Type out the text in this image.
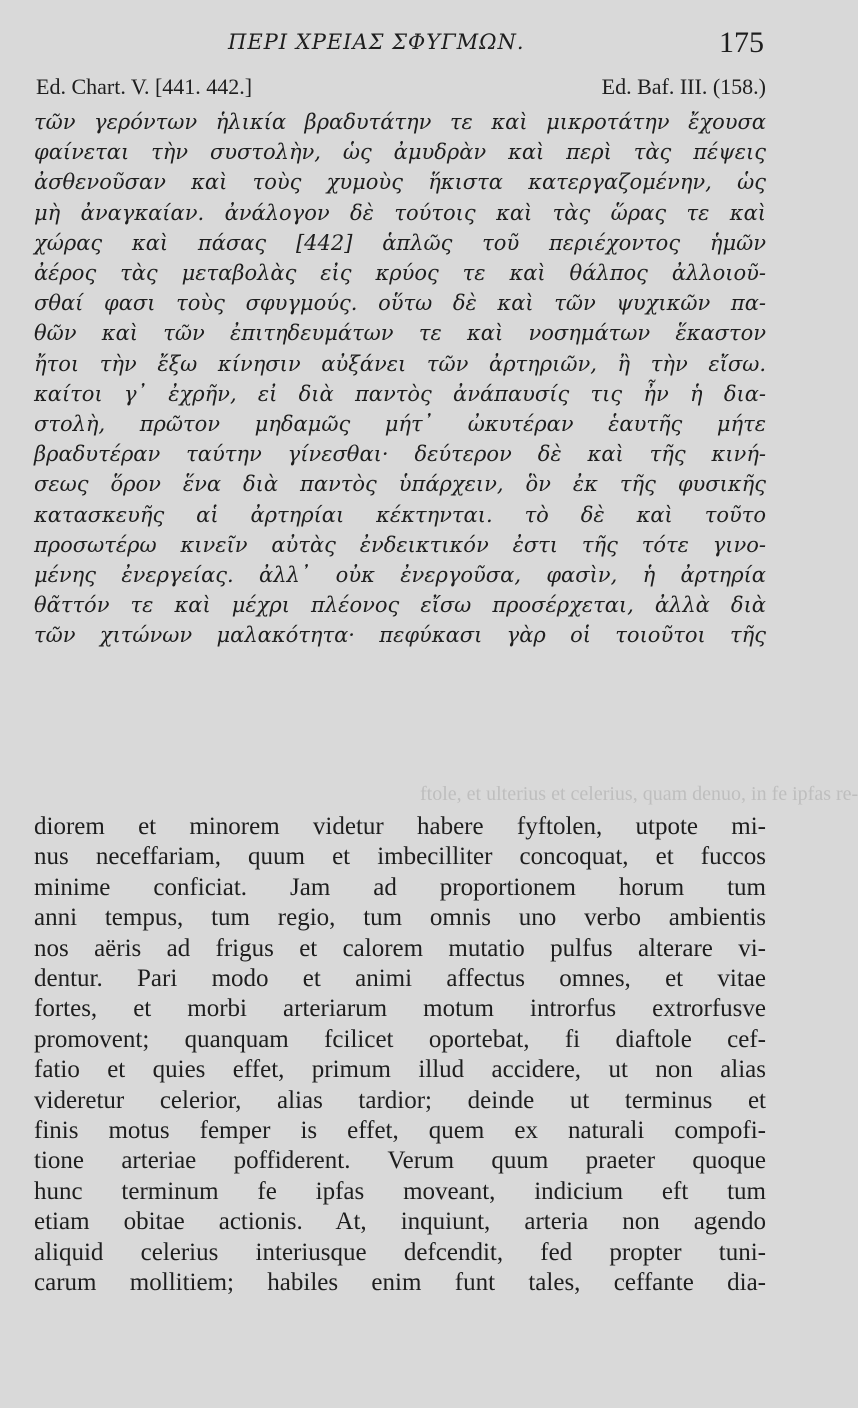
ΠΕΡΙ ΧΡΕΙΑΣ ΣΦΥΓΜΩΝ.	175
Ed. Chart. V. [441. 442.]	Ed. Baf. III. (158.)
τῶν γερόντων ἡλικία βραδυτάτην τε καὶ μικροτάτην ἔχουσα
φαίνεται τὴν συστολὴν, ὡς ἀμυδρὰν καὶ περὶ τὰς πέψεις
ἀσθενοῦσαν καὶ τοὺς χυμοὺς ἥκιστα κατεργαζομένην, ὡς
μὴ ἀναγκαίαν. ἀνάλογον δὲ τούτοις καὶ τὰς ὥρας τε καὶ
χώρας καὶ πάσας [442] ἁπλῶς τοῦ περιέχοντος ἡμῶν
ἀέρος τὰς μεταβολὰς εἰς κρύος τε καὶ θάλπος ἀλλοιοῦ-
σθαί φασι τοὺς σφυγμούς. οὕτω δὲ καὶ τῶν ψυχικῶν πα-
θῶν καὶ τῶν ἐπιτηδευμάτων τε καὶ νοσημάτων ἕκαστον
ἤτοι τὴν ἔξω κίνησιν αὐξάνει τῶν ἀρτηριῶν, ἢ τὴν εἴσω.
καίτοι γ᾽ ἐχρῆν, εἰ διὰ παντὸς ἀνάπαυσίς τις ἦν ἡ δια-
στολὴ, πρῶτον μηδαμῶς μήτ᾽ ὠκυτέραν ἑαυτῆς μήτε
βραδυτέραν ταύτην γίνεσθαι· δεύτερον δὲ καὶ τῆς κινή-
σεως ὅρον ἕνα διὰ παντὸς ὑπάρχειν, ὃν ἐκ τῆς φυσικῆς
κατασκευῆς αἱ ἀρτηρίαι κέκτηνται. τὸ δὲ καὶ τοῦτο
προσωτέρω κινεῖν αὐτὰς ἐνδεικτικόν ἐστι τῆς τότε γινο-
μένης ἐνεργείας. ἀλλ᾽ οὐκ ἐνεργοῦσα, φασὶν, ἡ ἀρτηρία
θᾶττόν τε καὶ μέχρι πλέονος εἴσω προσέρχεται, ἀλλὰ διὰ
τῶν χιτώνων μαλακότητα· πεφύκασι γὰρ οἱ τοιοῦτοι τῆς
ftole, et ulterius et celerius, quam denuo, in fe ipfas re-
diorem et minorem videtur habere fyftolen, utpote mi-
nus neceffariam, quum et imbecilliter concoquat, et fuccos
minime conficiat. Jam ad proportionem horum tum
anni tempus, tum regio, tum omnis uno verbo ambientis
nos aëris ad frigus et calorem mutatio pulfus alterare vi-
dentur. Pari modo et animi affectus omnes, et vitae
fortes, et morbi arteriarum motum introrfus extrorfusve
promovent; quanquam fcilicet oportebat, fi diaftole cef-
fatio et quies effet, primum illud accidere, ut non alias
videretur celerior, alias tardior; deinde ut terminus et
finis motus femper is effet, quem ex naturali compofi-
tione arteriae poffiderent. Verum quum praeter quoque
hunc terminum fe ipfas moveant, indicium eft tum
etiam obitae actionis. At, inquiunt, arteria non agendo
aliquid celerius interiusque defcendit, fed propter tuni-
carum mollitiem; habiles enim funt tales, ceffante dia-
